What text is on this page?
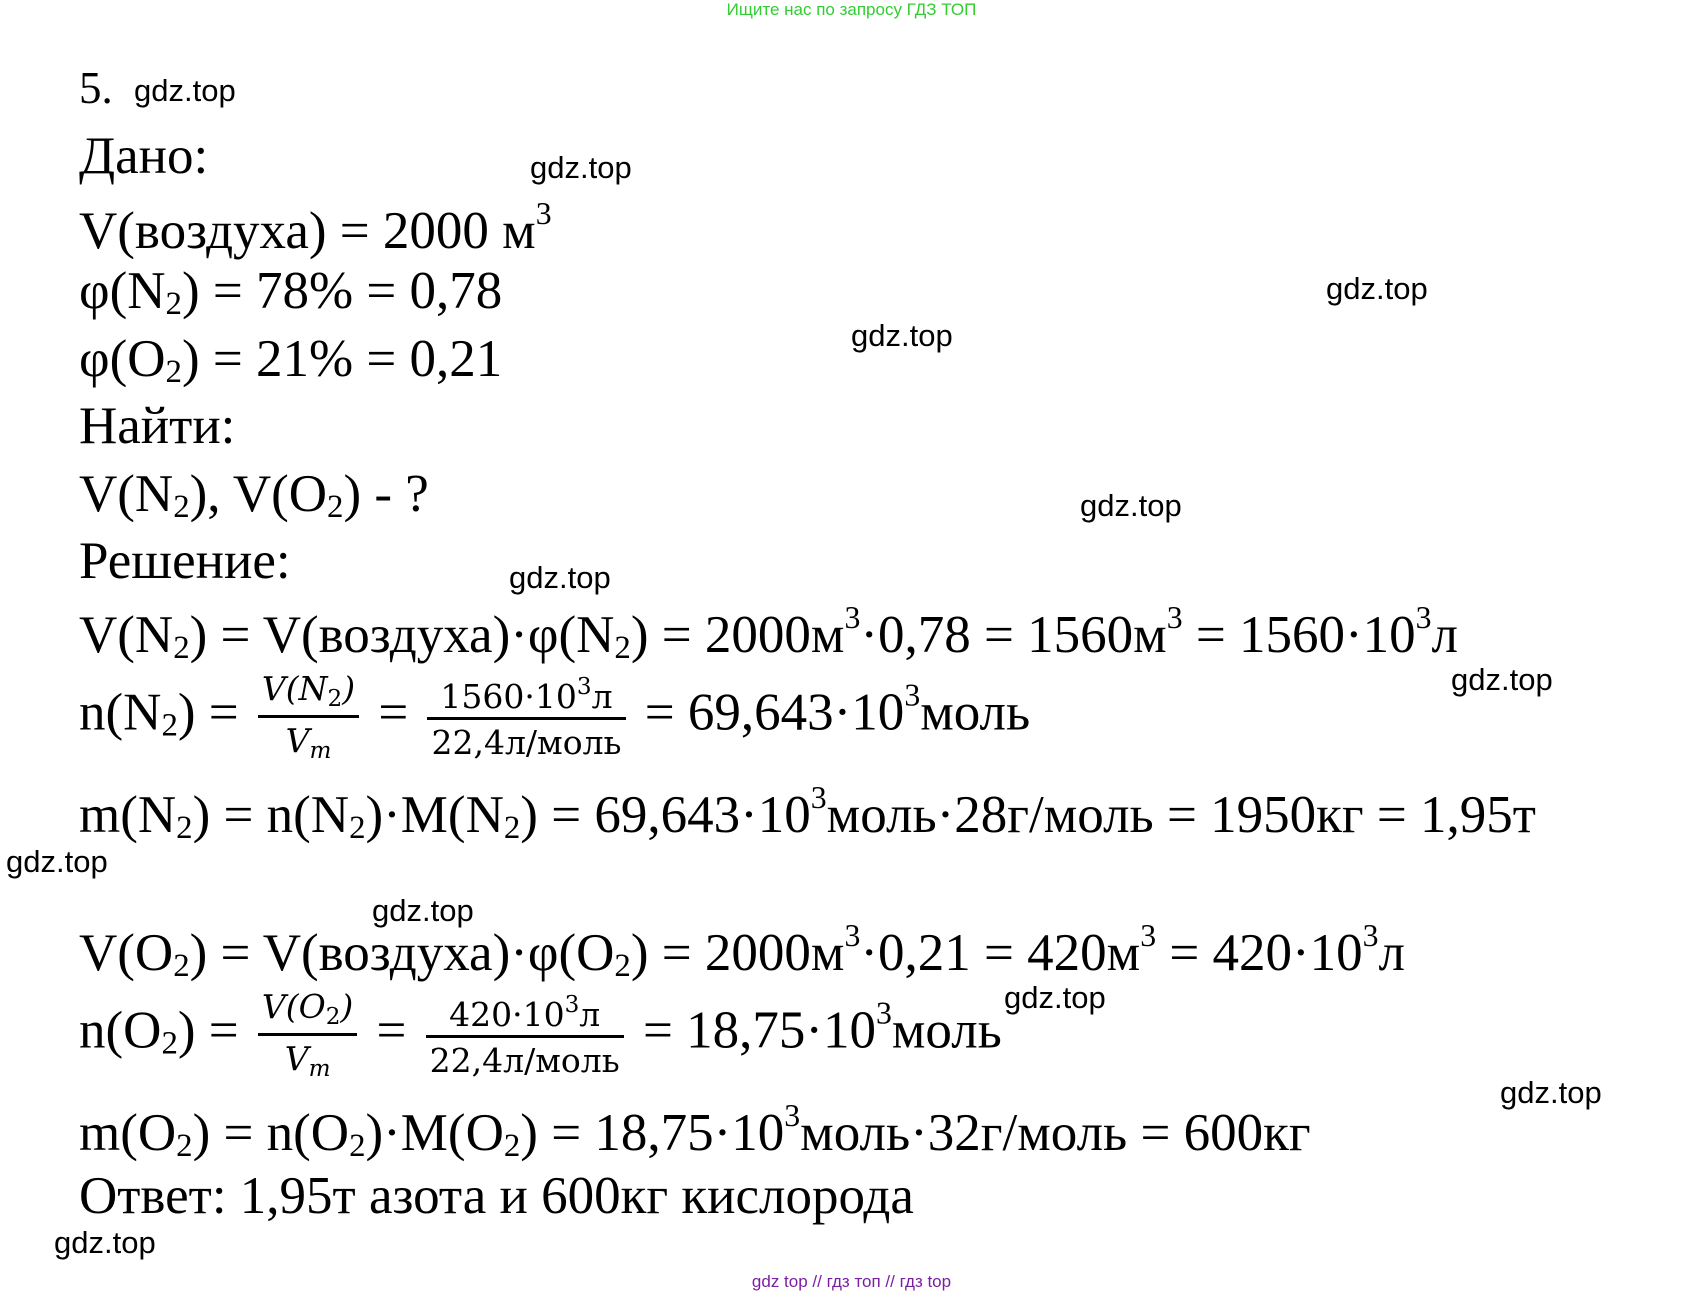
Ищите нас по запросу ГДЗ ТОП
gdz.top
gdz.top
gdz.top
gdz.top
gdz.top
gdz.top
gdz.top
gdz.top
gdz.top
gdz.top
gdz.top
gdz.top
5.
Дано:
V(воздуха) = 2000 $м^3$
$\varphi(N_2) = 78\% = 0,78$
$\varphi(O_2) = 21\% = 0,21$
Найти:
$V(N_2)$, $V(O_2)$ - ?
Решение:
$V(N_2)$ = $V(воздуха)\cdot\varphi(N_2) = 2000м^3\cdot 0,78 = 1560м^3 = 1560\cdot 10^3л$
$n(N_2) = \frac{V(N_2)}{V_m} = \frac{1560\cdot 10^3л}{\text{22,4л/моль}}$ = $69,643\cdot 10^3моль$
$m(N_2) = n(N_2)\cdot M(N_2)$ = $69,643\cdot 10^3моль\cdot 28г$/моль = 1950кг = 1,95т
$V(O_2)$ = $V(воздуха)\cdot\varphi(O_2) = 2000м^3\cdot 0,21 = 420м^3 = 420\cdot 10^3л$
$n(O_2) = \frac{V(O_2)}{V_m} = \frac{420\cdot 10^3л}{\text{22,4л/моль}}$ = $18,75\cdot 10^3моль$
$m(O_2) = n(O_2)\cdot M(O_2)$ = $18,75\cdot 10^3моль\cdot 32г$/моль = 600кг
Ответ: 1,95т азота и 600кг кислорода
gdz top // гдз топ // гдз top
